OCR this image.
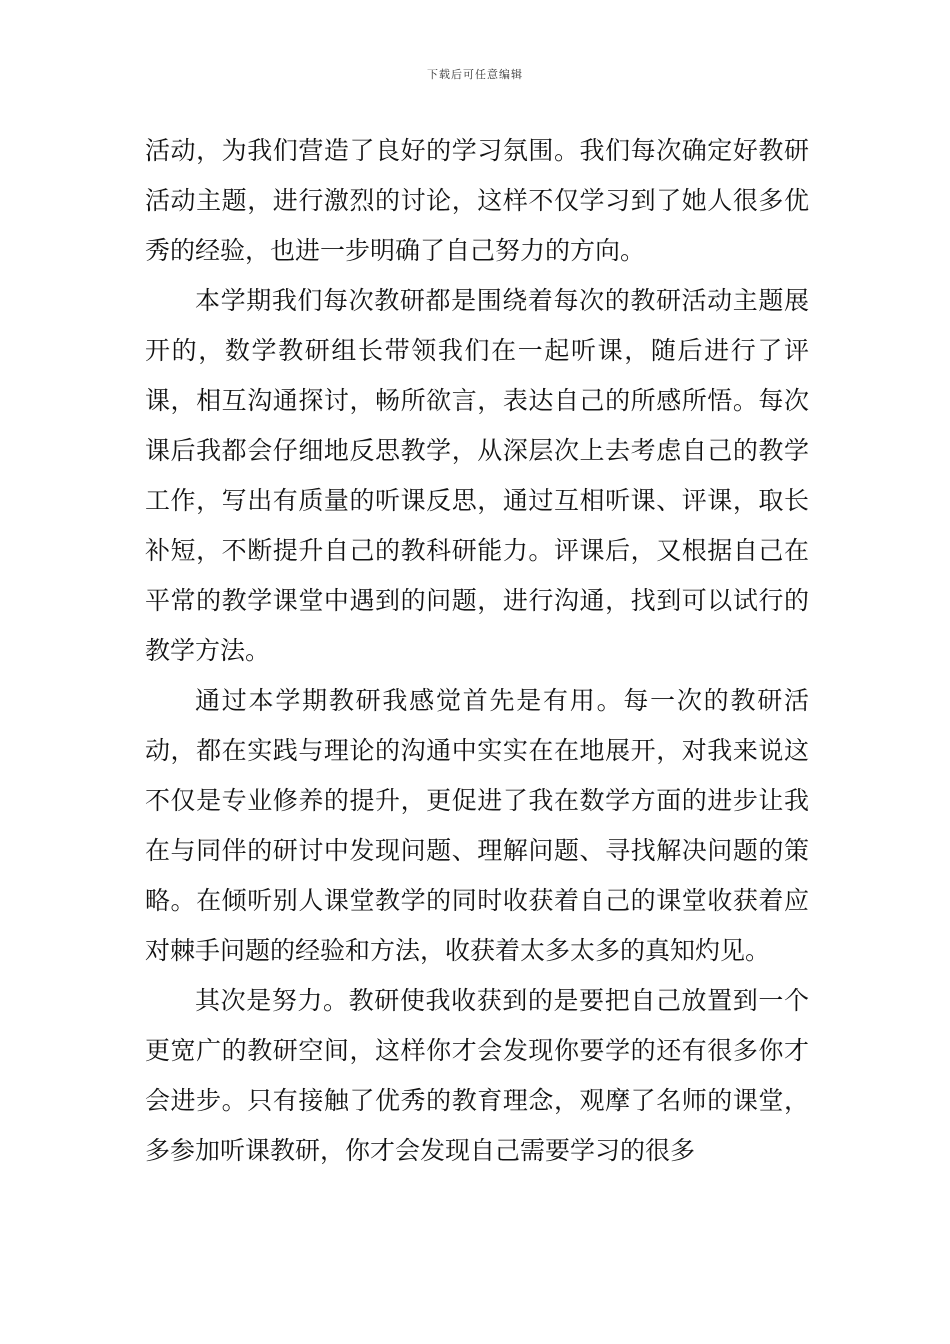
下载后可任意编辑

活动，为我们营造了良好的学习氛围。我们每次确定好教研活动主题，进行激烈的讨论，这样不仅学习到了她人很多优秀的经验，也进一步明确了自己努力的方向。

本学期我们每次教研都是围绕着每次的教研活动主题展开的，数学教研组长带领我们在一起听课，随后进行了评课，相互沟通探讨，畅所欲言，表达自己的所感所悟。每次课后我都会仔细地反思教学，从深层次上去考虑自己的教学工作，写出有质量的听课反思，通过互相听课、评课，取长补短，不断提升自己的教科研能力。评课后，又根据自己在平常的教学课堂中遇到的问题，进行沟通，找到可以试行的教学方法。

通过本学期教研我感觉首先是有用。每一次的教研活动，都在实践与理论的沟通中实实在在地展开，对我来说这不仅是专业修养的提升，更促进了我在数学方面的进步让我在与同伴的研讨中发现问题、理解问题、寻找解决问题的策略。在倾听别人课堂教学的同时收获着自己的课堂收获着应对棘手问题的经验和方法，收获着太多太多的真知灼见。

其次是努力。教研使我收获到的是要把自己放置到一个更宽广的教研空间，这样你才会发现你要学的还有很多你才会进步。只有接触了优秀的教育理念，观摩了名师的课堂，多参加听课教研，你才会发现自己需要学习的很多
